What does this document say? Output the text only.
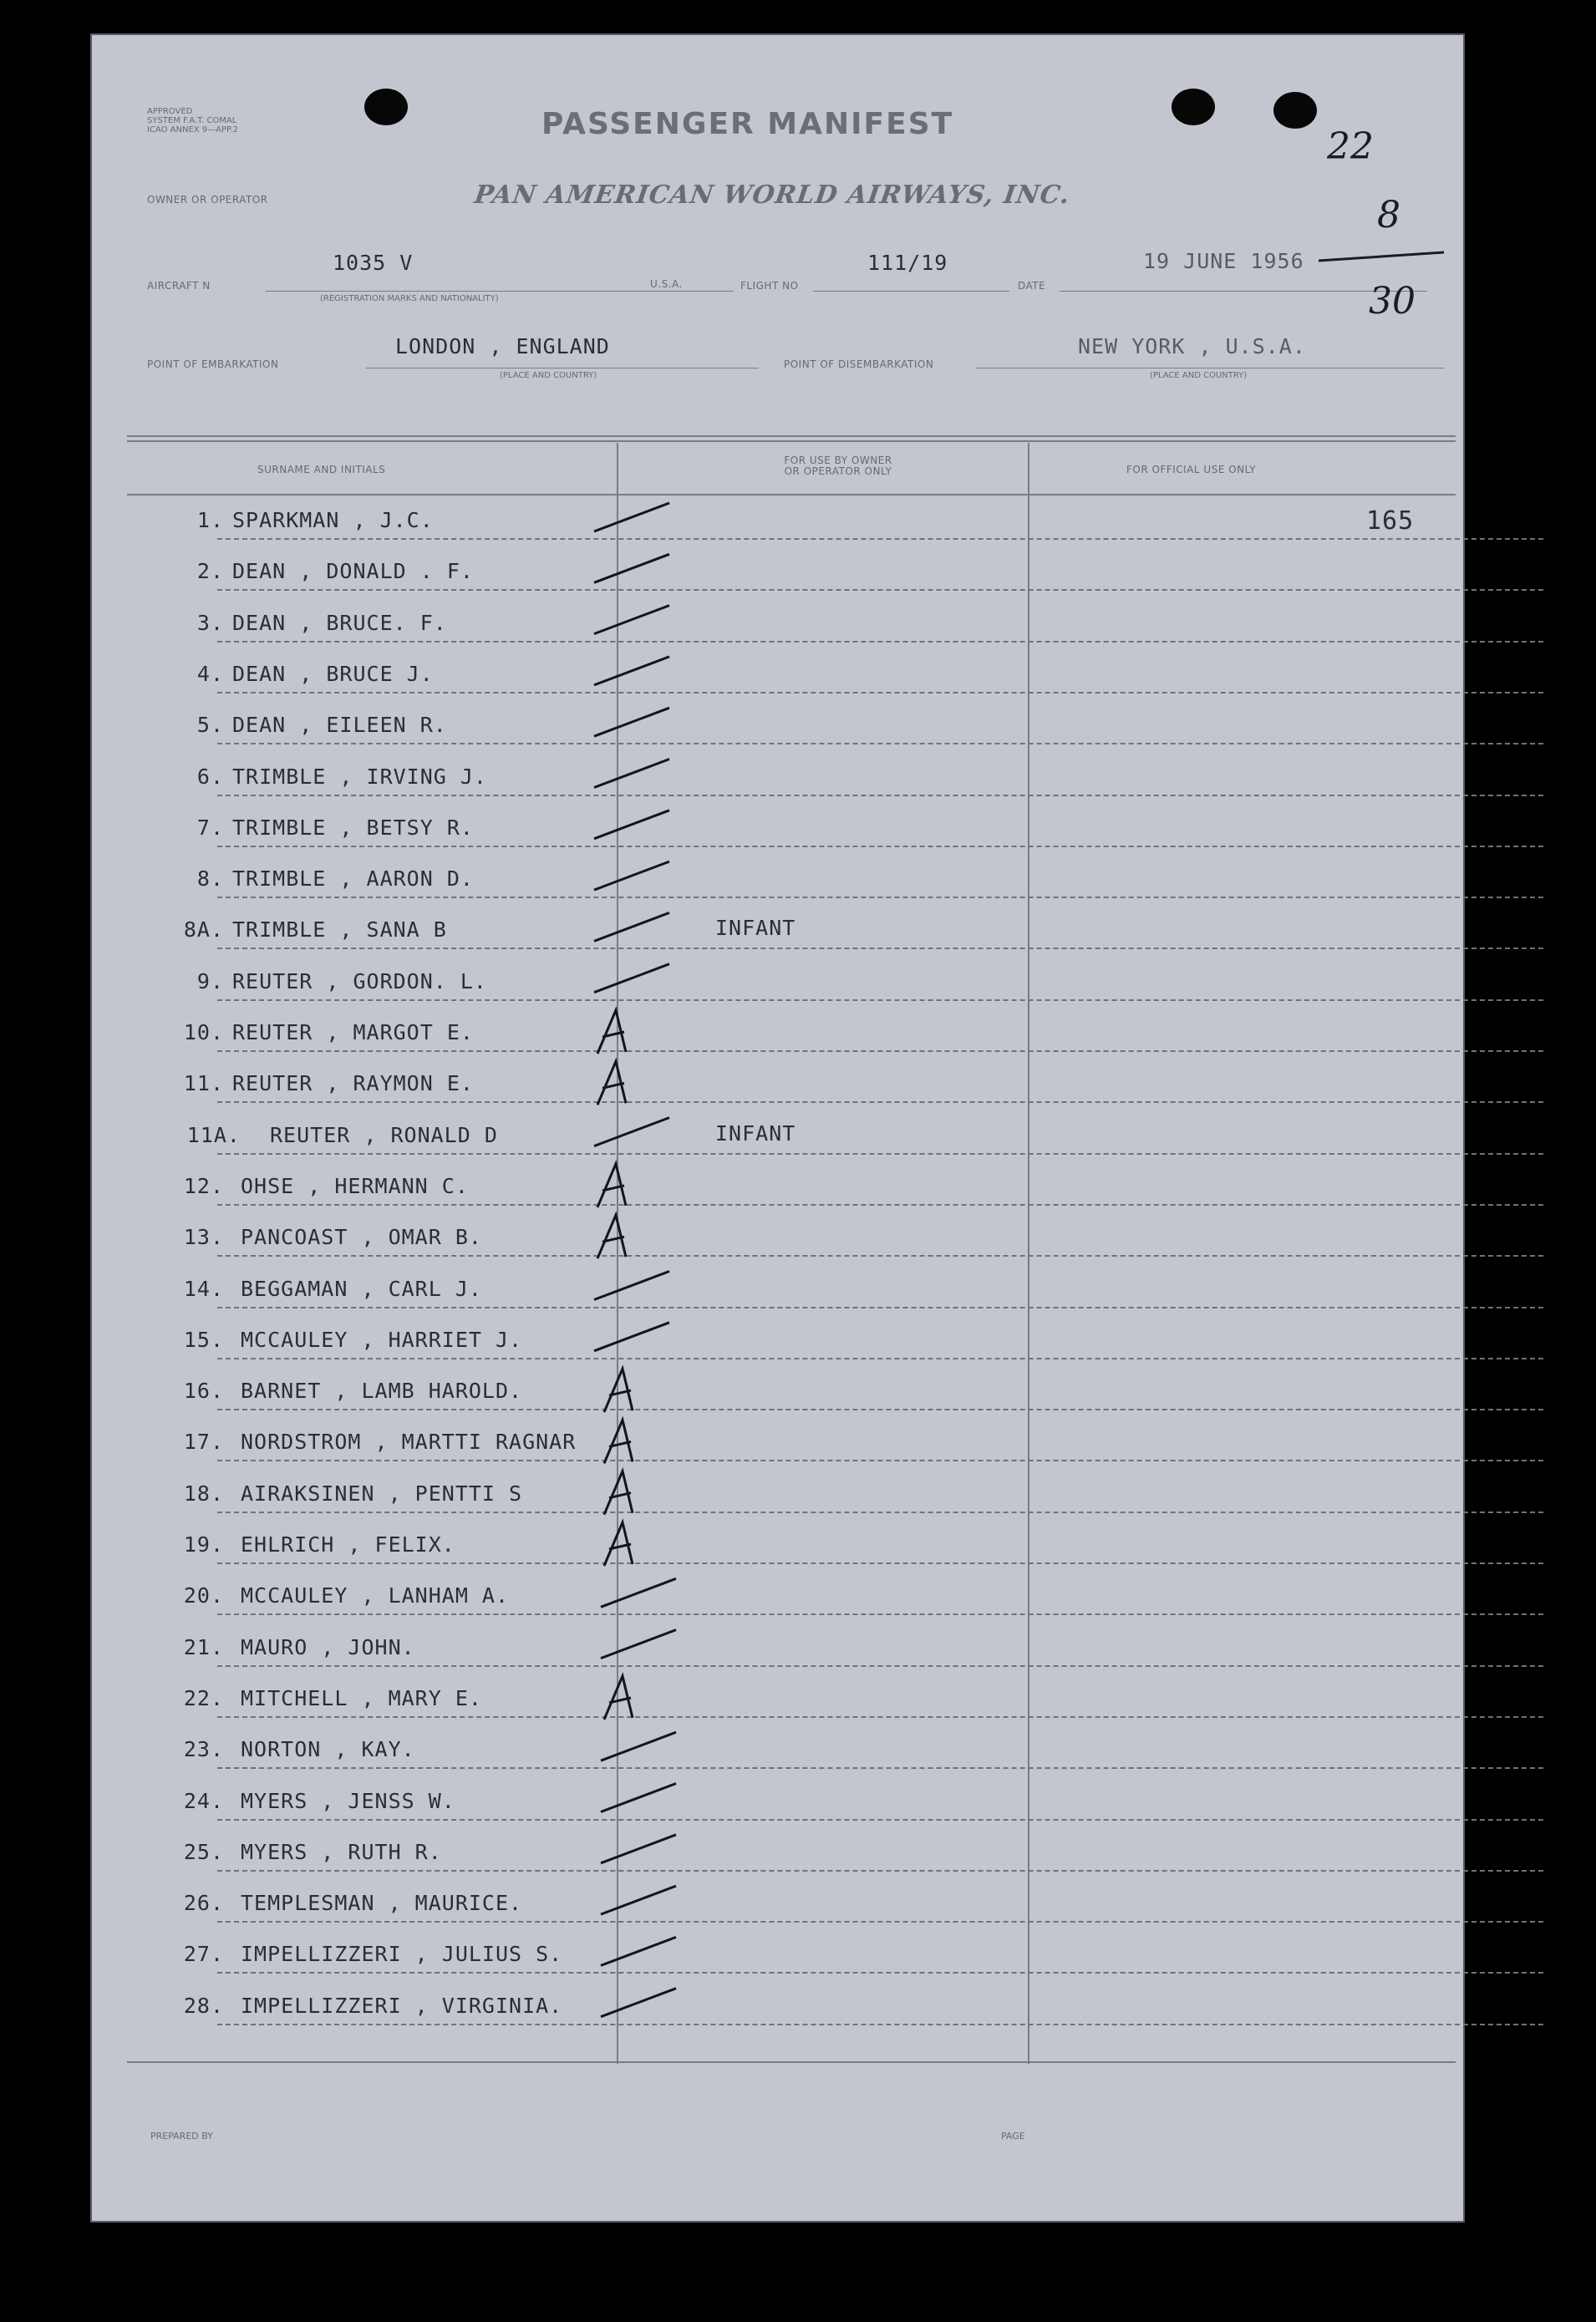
APPROVED
SYSTEM F.A.T. COMAL
ICAO ANNEX 9—APP.2	PASSENGER MANIFEST
OWNER OR OPERATOR	PAN AMERICAN WORLD AIRWAYS, INC.
AIRCRAFT N
1035 V
(REGISTRATION MARKS AND NATIONALITY)
U.S.A.	FLIGHT NO
111/19
DATE
19 JUNE 1956
POINT OF EMBARKATION
LONDON , ENGLAND
(PLACE AND COUNTRY)
POINT OF DISEMBARKATION
NEW YORK , U.S.A.
(PLACE AND COUNTRY)
SURNAME AND INITIALS
FOR USE BY OWNER
OR OPERATOR ONLY	FOR OFFICIAL USE ONLY
165
1. SPARKMAN , J.C.
2. DEAN , DONALD . F.
3. DEAN , BRUCE. F.
4. DEAN , BRUCE J.
5. DEAN , EILEEN R.
6. TRIMBLE , IRVING J.
7. TRIMBLE , BETSY R.
8. TRIMBLE , AARON D.
8A. TRIMBLE , SANA B	INFANT
9. REUTER , GORDON. L.
10. REUTER , MARGOT E.
11. REUTER , RAYMON E.
11A. REUTER , RONALD D	INFANT
12. OHSE , HERMANN C.
13. PANCOAST , OMAR B.
14. BEGGAMAN , CARL J.
15. MCCAULEY , HARRIET J.
16. BARNET , LAMB HAROLD.
17. NORDSTROM , MARTTI RAGNAR
18. AIRAKSINEN , PENTTI S
19. EHLRICH , FELIX.
20. MCCAULEY , LANHAM A.
21. MAURO , JOHN.
22. MITCHELL , MARY E.
23. NORTON , KAY.
24. MYERS , JENSS W.
25. MYERS , RUTH R.
26. TEMPLESMAN , MAURICE.
27. IMPELLIZZERI , JULIUS S.
28. IMPELLIZZERI , VIRGINIA.
PREPARED BY	PAGE
22
8
30
